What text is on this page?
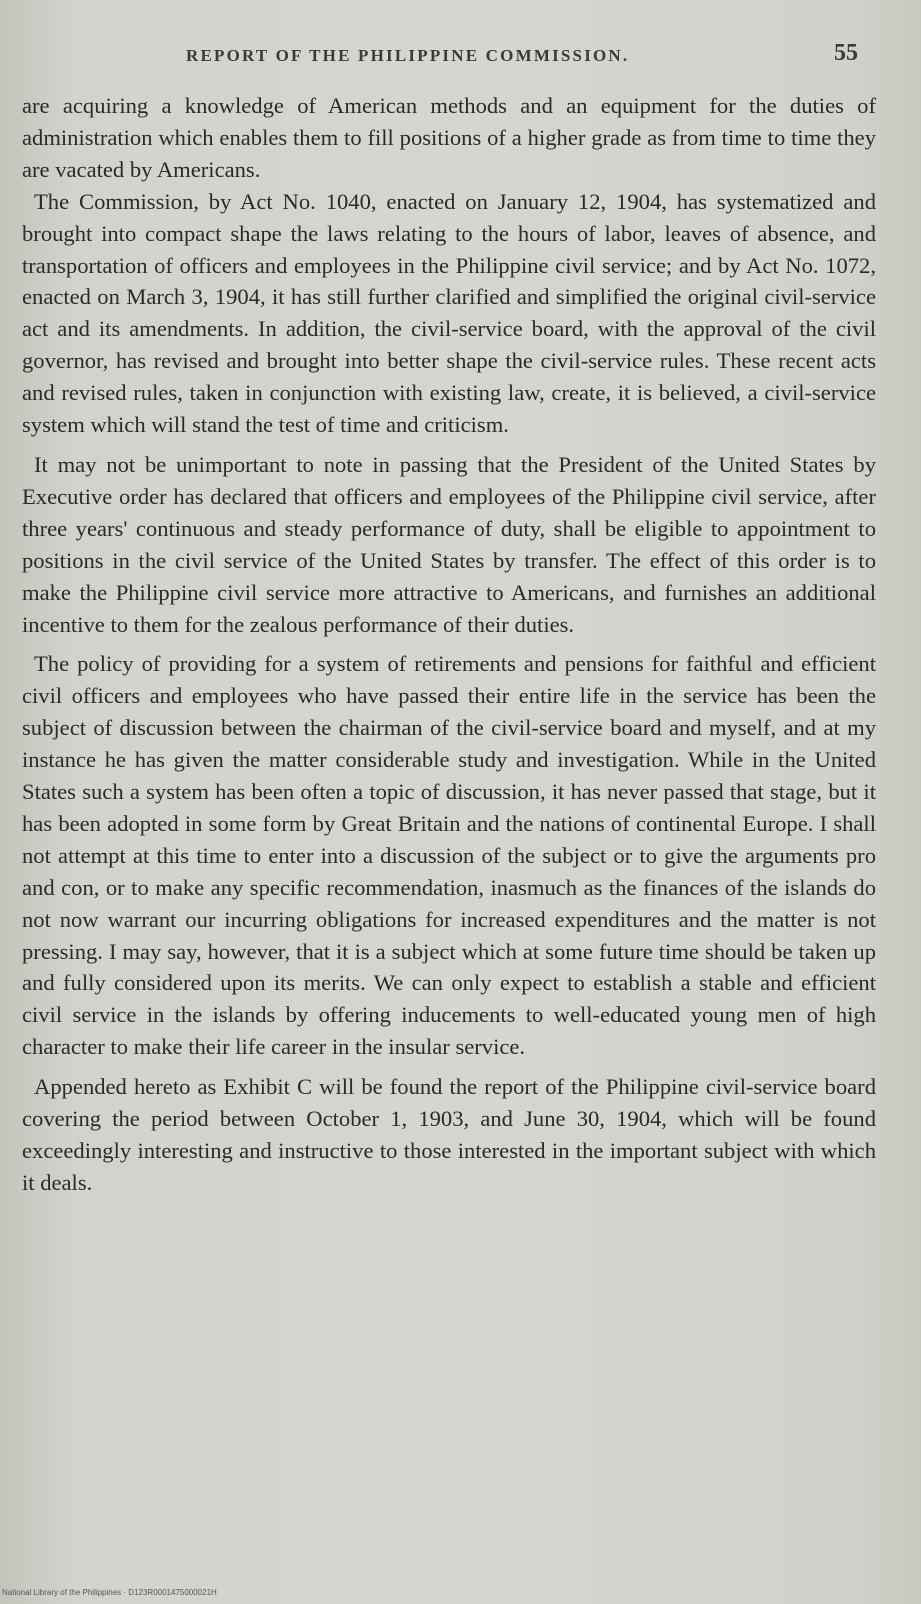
REPORT OF THE PHILIPPINE COMMISSION.	55

are acquiring a knowledge of American methods and an equipment for the duties of administration which enables them to fill positions of a higher grade as from time to time they are vacated by Americans.

The Commission, by Act No. 1040, enacted on January 12, 1904, has systematized and brought into compact shape the laws relating to the hours of labor, leaves of absence, and transportation of officers and employees in the Philippine civil service; and by Act No. 1072, enacted on March 3, 1904, it has still further clarified and simplified the original civil-service act and its amendments. In addition, the civil-service board, with the approval of the civil governor, has revised and brought into better shape the civil-service rules. These recent acts and revised rules, taken in conjunction with existing law, create, it is believed, a civil-service system which will stand the test of time and criticism.

It may not be unimportant to note in passing that the President of the United States by Executive order has declared that officers and employees of the Philippine civil service, after three years' continuous and steady performance of duty, shall be eligible to appointment to positions in the civil service of the United States by transfer. The effect of this order is to make the Philippine civil service more attractive to Americans, and furnishes an additional incentive to them for the zealous performance of their duties.

The policy of providing for a system of retirements and pensions for faithful and efficient civil officers and employees who have passed their entire life in the service has been the subject of discussion between the chairman of the civil-service board and myself, and at my instance he has given the matter considerable study and investigation. While in the United States such a system has been often a topic of discussion, it has never passed that stage, but it has been adopted in some form by Great Britain and the nations of continental Europe. I shall not attempt at this time to enter into a discussion of the subject or to give the arguments pro and con, or to make any specific recommendation, inasmuch as the finances of the islands do not now warrant our incurring obligations for increased expenditures and the matter is not pressing. I may say, however, that it is a subject which at some future time should be taken up and fully considered upon its merits. We can only expect to establish a stable and efficient civil service in the islands by offering inducements to well-educated young men of high character to make their life career in the insular service.

Appended hereto as Exhibit C will be found the report of the Philippine civil-service board covering the period between October 1, 1903, and June 30, 1904, which will be found exceedingly interesting and instructive to those interested in the important subject with which it deals.

National Library of the Philippines · D123R0001475000021H
